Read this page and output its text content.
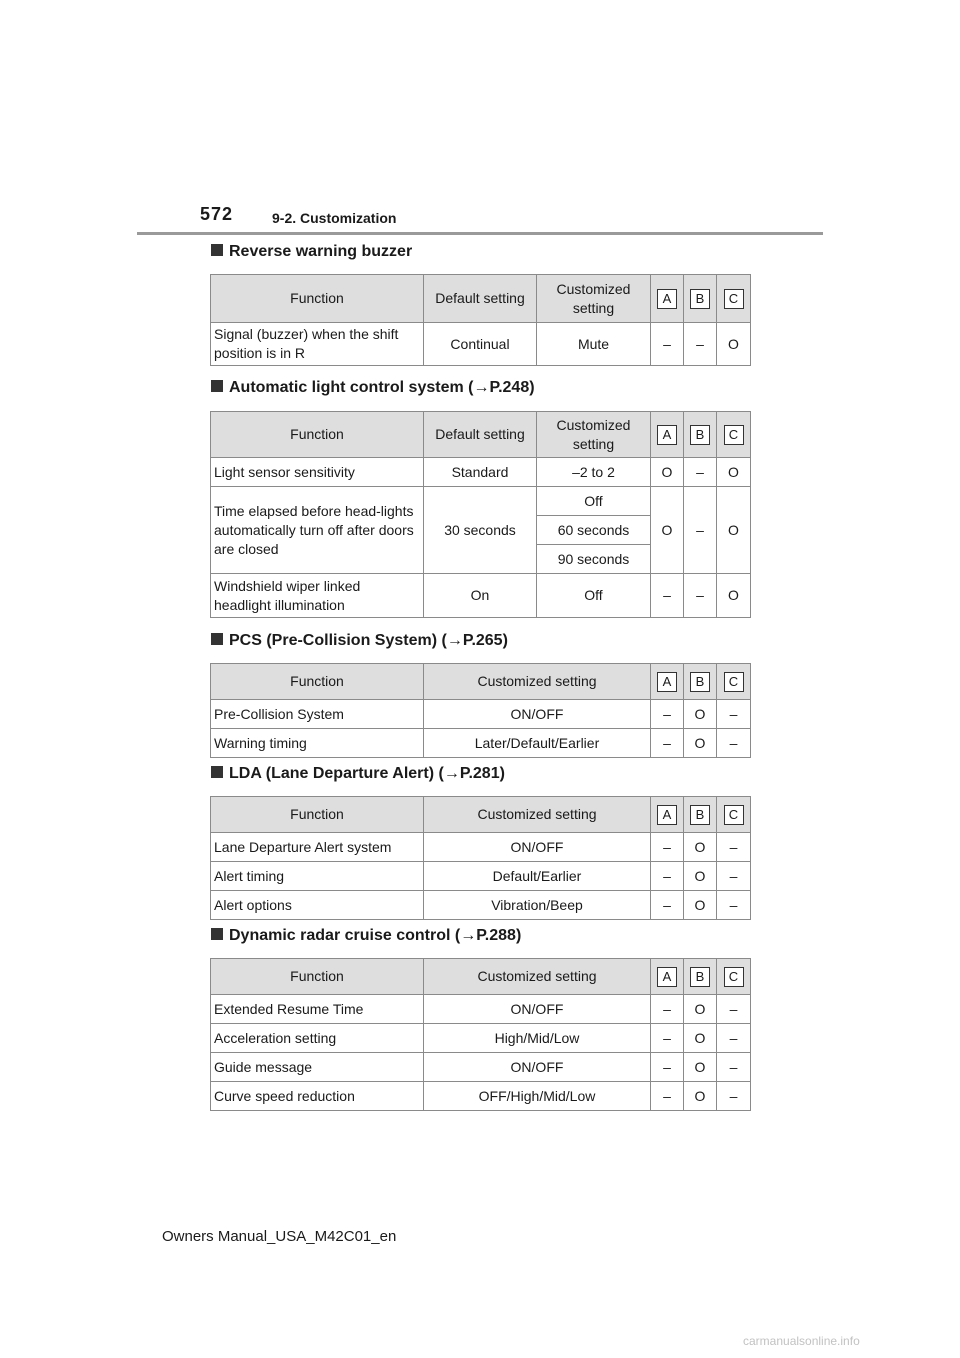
572	9-2. Customization
Reverse warning buzzer
Function	Default setting	Customized setting	A	B	C
Signal (buzzer) when the shift position is in R	Continual	Mute	–	–	O
Automatic light control system (→P.248)
Function	Default setting	Customized setting	A	B	C
Light sensor sensitivity	Standard	–2 to 2	O	–	O
Time elapsed before head-lights automatically turn off after doors are closed	30 seconds	Off	O	–	O
		60 seconds			
		90 seconds			
Windshield wiper linked headlight illumination	On	Off	–	–	O
PCS (Pre-Collision System) (→P.265)
Function	Customized setting	A	B	C
Pre-Collision System	ON/OFF	–	O	–
Warning timing	Later/Default/Earlier	–	O	–
LDA (Lane Departure Alert) (→P.281)
Function	Customized setting	A	B	C
Lane Departure Alert system	ON/OFF	–	O	–
Alert timing	Default/Earlier	–	O	–
Alert options	Vibration/Beep	–	O	–
Dynamic radar cruise control (→P.288)
Function	Customized setting	A	B	C
Extended Resume Time	ON/OFF	–	O	–
Acceleration setting	High/Mid/Low	–	O	–
Guide message	ON/OFF	–	O	–
Curve speed reduction	OFF/High/Mid/Low	–	O	–
Owners Manual_USA_M42C01_en
carmanualsonline.info
